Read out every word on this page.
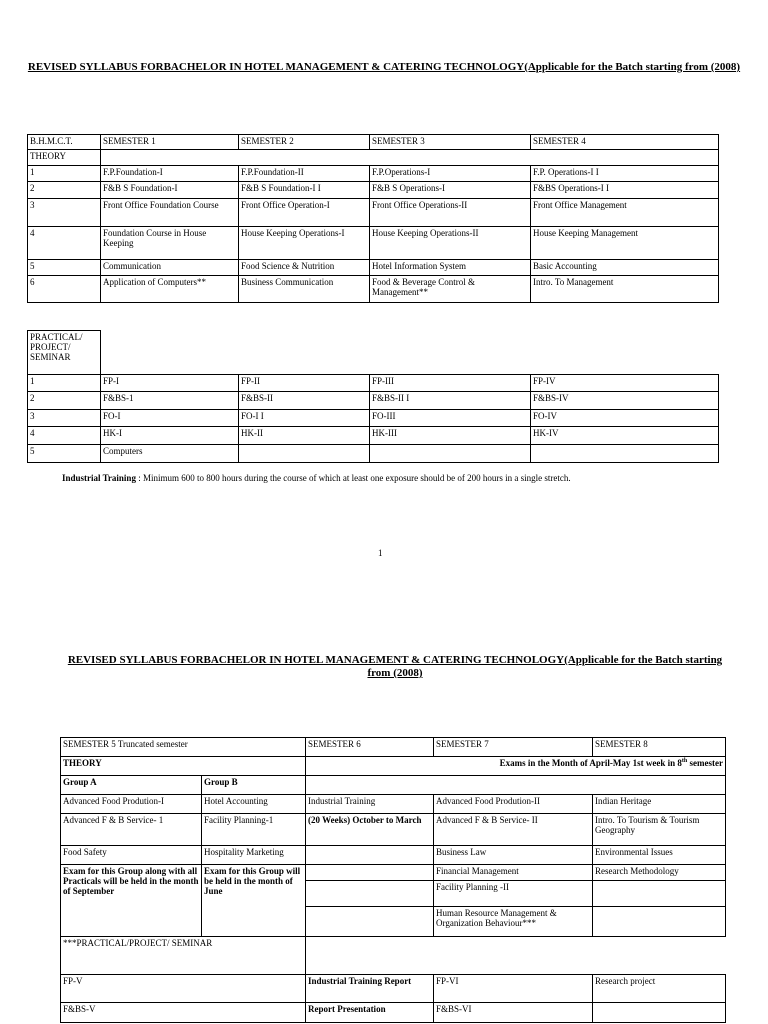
REVISED SYLLABUS FORBACHELOR IN HOTEL MANAGEMENT & CATERING TECHNOLOGY(Applicable for the Batch starting from (2008)
B.H.M.C.T.	SEMESTER 1	SEMESTER 2	SEMESTER 3	SEMESTER 4
THEORY				
1	F.P.Foundation-I	F.P.Foundation-II	F.P.Operations-I	F.P. Operations-I I
2	F&B S Foundation-I	F&B S Foundation-I I	F&B S Operations-I	F&BS Operations-I I
3	Front Office Foundation Course	Front Office Operation-I	Front Office Operations-II	Front Office Management
4	Foundation Course in House Keeping	House Keeping Operations-I	House Keeping Operations-II	House Keeping Management
5	Communication	Food Science & Nutrition	Hotel Information System	Basic Accounting
6	Application of Computers**	Business Communication	Food & Beverage Control & Management**	Intro. To Management
PRACTICAL/ PROJECT/ SEMINAR				
1	FP-I	FP-II	FP-III	FP-IV
2	F&BS-1	F&BS-II	F&BS-II I	F&BS-IV
3	FO-I	FO-I I	FO-III	FO-IV
4	HK-I	HK-II	HK-III	HK-IV
5	Computers			
Industrial Training : Minimum 600 to 800 hours during the course of which at least one exposure should be of 200 hours in a single stretch.
1
REVISED SYLLABUS FORBACHELOR IN HOTEL MANAGEMENT & CATERING TECHNOLOGY(Applicable for the Batch starting from (2008)
SEMESTER 5 Truncated semester		SEMESTER 6	SEMESTER 7	SEMESTER 8
THEORY		Exams in the Month of April-May 1st week in 8th semester		
Group A	Group B			
Advanced Food Prodution-I	Hotel Accounting	Industrial Training	Advanced Food Prodution-II	Indian Heritage
Advanced F & B Service- 1	Facility Planning-1	(20 Weeks) October to March	Advanced F & B Service- II	Intro. To Tourism & Tourism Geography
Food Safety	Hospitality Marketing		Business Law	Environmental Issues
Exam for this Group along with all Practicals will be held in the month of September	Exam for this Group will be held in the month of June		Financial Management	Research Methodology
			Facility Planning -II	
			Human Resource Management & Organization Behaviour***	
***PRACTICAL/PROJECT/ SEMINAR				
FP-V		Industrial Training Report	FP-VI	Research project
F&BS-V		Report Presentation	F&BS-VI	
